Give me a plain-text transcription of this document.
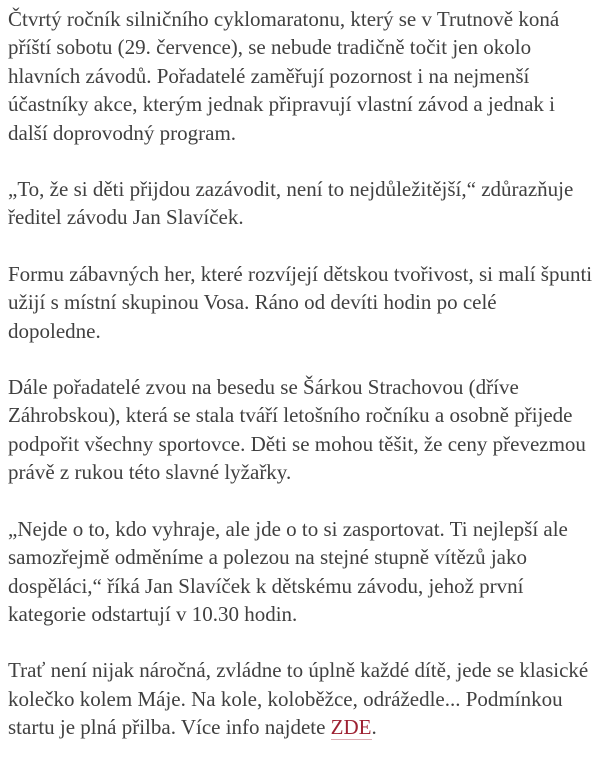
Čtvrtý ročník silničního cyklomaratonu, který se v Trutnově koná příští sobotu (29. července), se nebude tradičně točit jen okolo hlavních závodů. Pořadatelé zaměřují pozornost i na nejmenší účastníky akce, kterým jednak připravují vlastní závod a jednak i další doprovodný program.

„To, že si děti přijdou zazávodit, není to nejdůležitější,“ zdůrazňuje ředitel závodu Jan Slavíček.

Formu zábavných her, které rozvíjejí dětskou tvořivost, si malí špunti užijí s místní skupinou Vosa. Ráno od devíti hodin po celé dopoledne.

Dále pořadatelé zvou na besedu se Šárkou Strachovou (dříve Záhrobskou), která se stala tváří letošního ročníku a osobně přijede podpořit všechny sportovce. Děti se mohou těšit, že ceny převezmou právě z rukou této slavné lyžařky.

„Nejde o to, kdo vyhraje, ale jde o to si zasportovat. Ti nejlepší ale samozřejmě odměníme a polezou na stejné stupně vítězů jako dospěláci,“ říká Jan Slavíček k dětskému závodu, jehož první kategorie odstartují v 10.30 hodin.

Trať není nijak náročná, zvládne to úplně každé dítě, jede se klasické kolečko kolem Máje. Na kole, koloběžce, odrážedle... Podmínkou startu je plná přilba. Více info najdete ZDE.
